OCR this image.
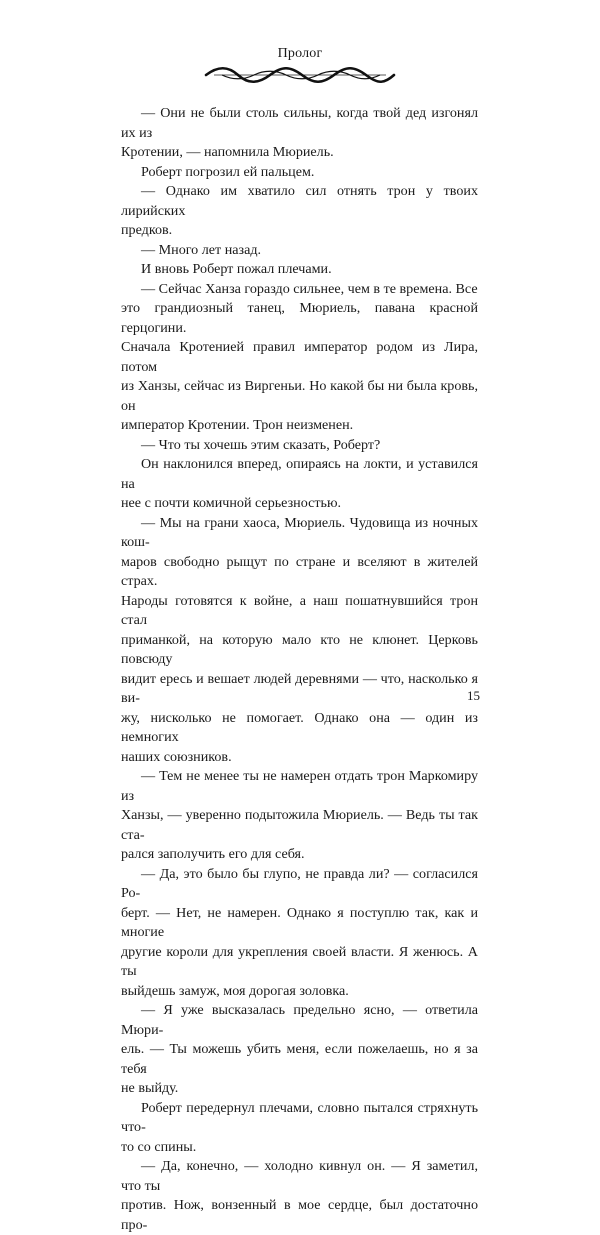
Пролог

— Они не были столь сильны, когда твой дед изгонял их из
Кротении, — напомнила Мюриель.

Роберт погрозил ей пальцем.

— Однако им хватило сил отнять трон у твоих лирийских
предков.

— Много лет назад.

И вновь Роберт пожал плечами.

— Сейчас Ханза гораздо сильнее, чем в те времена. Все
это грандиозный танец, Мюриель, павана красной герцогини.
Сначала Кротенией правил император родом из Лира, потом
из Ханзы, сейчас из Виргеньи. Но какой бы ни была кровь, он
император Кротении. Трон неизменен.

— Что ты хочешь этим сказать, Роберт?

Он наклонился вперед, опираясь на локти, и уставился на
нее с почти комичной серьезностью.

— Мы на грани хаоса, Мюриель. Чудовища из ночных кош-
маров свободно рыщут по стране и вселяют в жителей страх.
Народы готовятся к войне, а наш пошатнувшийся трон стал
приманкой, на которую мало кто не клюнет. Церковь повсюду
видит ересь и вешает людей деревнями — что, насколько я ви-
жу, нисколько не помогает. Однако она — один из немногих
наших союзников.

— Тем не менее ты не намерен отдать трон Маркомиру из
Ханзы, — уверенно подытожила Мюриель. — Ведь ты так ста-
рался заполучить его для себя.

— Да, это было бы глупо, не правда ли? — согласился Ро-
берт. — Нет, не намерен. Однако я поступлю так, как и многие
другие короли для укрепления своей власти. Я женюсь. А ты
выйдешь замуж, моя дорогая золовка.

— Я уже высказалась предельно ясно, — ответила Мюри-
ель. — Ты можешь убить меня, если пожелаешь, но я за тебя
не выйду.

Роберт передернул плечами, словно пытался стряхнуть что-
то со спины.

— Да, конечно, — холодно кивнул он. — Я заметил, что ты
против. Нож, вонзенный в мое сердце, был достаточно про-

15
